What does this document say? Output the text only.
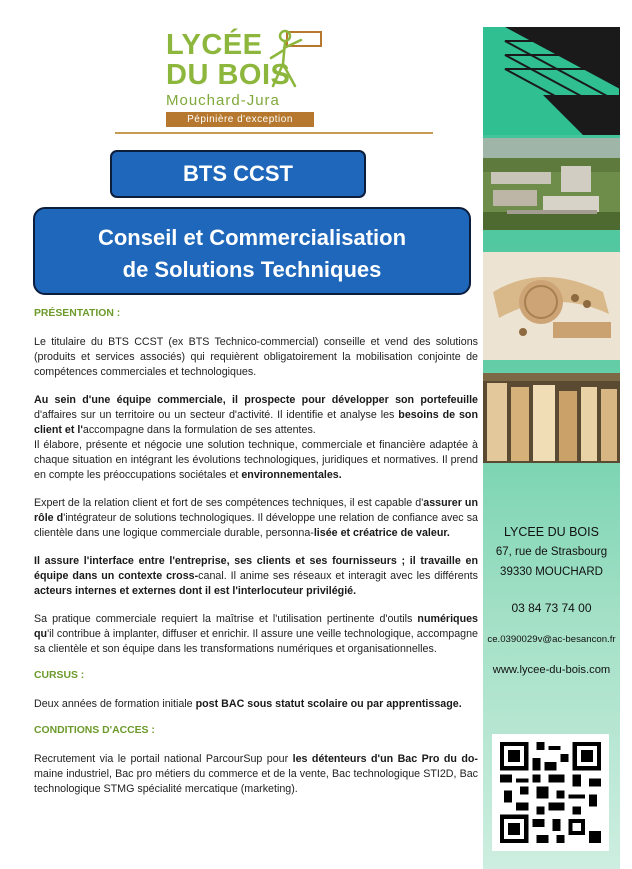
LYCÉE
DU BOIS
Mouchard-Jura
Pépinière d'exception
BTS CCST
Conseil et Commercialisation
de Solutions Techniques
PRÉSENTATION :

Le titulaire du BTS CCST (ex BTS Technico-commercial) conseille et vend des solutions (produits et services associés) qui requièrent obligatoirement la mobilisation conjointe de compétences commerciales et technologiques.

Au sein d'une équipe commerciale, il prospecte pour développer son portefeuille d'affaires sur un territoire ou un secteur d'activité. Il identifie et analyse les besoins de son client et l'accompagne dans la formulation de ses attentes.

Il élabore, présente et négocie une solution technique, commerciale et financière adaptée à chaque situation en intégrant les évolutions technologiques, juridiques et normatives. Il prend en compte les préoccupations sociétales et environnementales.

Expert de la relation client et fort de ses compétences techniques, il est capable d'assurer un rôle d'intégrateur de solutions technologiques. Il développe une relation de confiance avec sa clientèle dans une logique commerciale durable, personna-lisée et créatrice de valeur.

Il assure l'interface entre l'entreprise, ses clients et ses fournisseurs ; il travaille en équipe dans un contexte cross-canal. Il anime ses réseaux et interagit avec les différents acteurs internes et externes dont il est l'interlocuteur privilégié.

Sa pratique commerciale requiert la maîtrise et l'utilisation pertinente d'outils numériques qu'il contribue à implanter, diffuser et enrichir. Il assure une veille technologique, accompagne sa clientèle et son équipe dans les transformations numériques et organisationnelles.

CURSUS :

Deux années de formation initiale post BAC sous statut scolaire ou par apprentissage.

CONDITIONS D'ACCES :

Recrutement via le portail national ParcourSup pour les détenteurs d'un Bac Pro du do-maine industriel, Bac pro métiers du commerce et de la vente, Bac technologique STI2D, Bac technologique STMG spécialité mercatique (marketing).

LYCEE DU BOIS
67, rue de Strasbourg
39330 MOUCHARD
03 84 73 74 00
ce.0390029v@ac-besancon.fr
www.lycee-du-bois.com
